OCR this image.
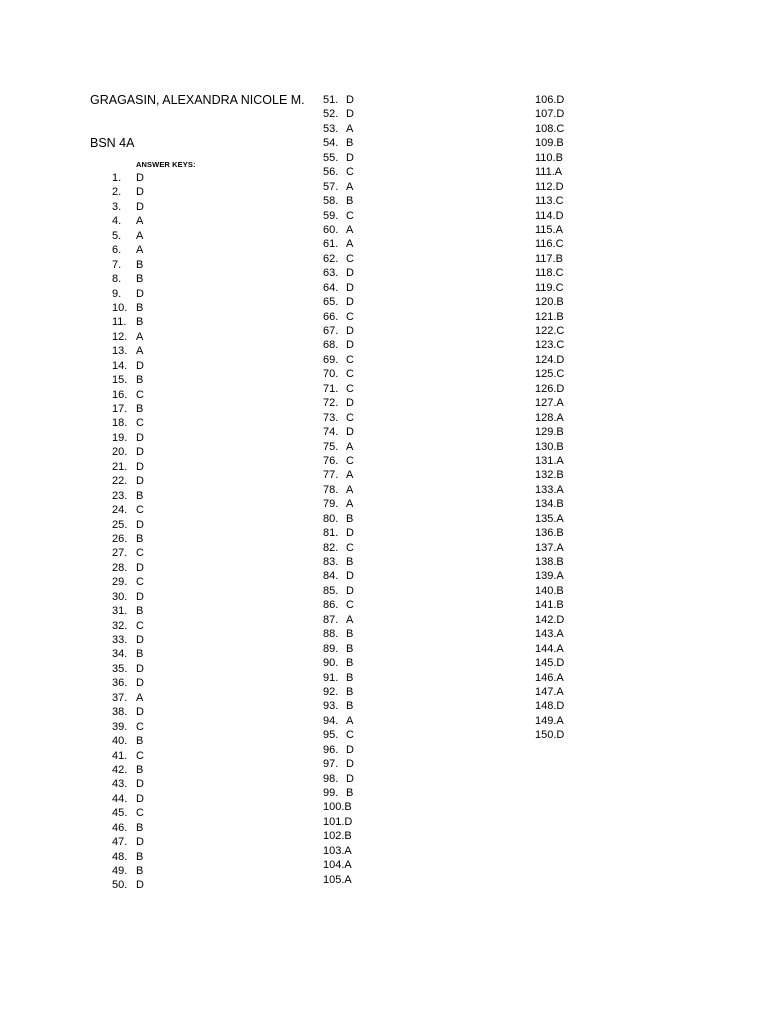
GRAGASIN, ALEXANDRA NICOLE M.
BSN 4A
ANSWER KEYS:
1. D
2. D
3. D
4. A
5. A
6. A
7. B
8. B
9. D
10. B
11. B
12. A
13. A
14. D
15. B
16. C
17. B
18. C
19. D
20. D
21. D
22. D
23. B
24. C
25. D
26. B
27. C
28. D
29. C
30. D
31. B
32. C
33. D
34. B
35. D
36. D
37. A
38. D
39. C
40. B
41. C
42. B
43. D
44. D
45. C
46. B
47. D
48. B
49. B
50. D
51. D
52. D
53. A
54. B
55. D
56. C
57. A
58. B
59. C
60. A
61. A
62. C
63. D
64. D
65. D
66. C
67. D
68. D
69. C
70. C
71. C
72. D
73. C
74. D
75. A
76. C
77. A
78. A
79. A
80. B
81. D
82. C
83. B
84. D
85. D
86. C
87. A
88. B
89. B
90. B
91. B
92. B
93. B
94. A
95. C
96. D
97. D
98. D
99. B
100.B
101.D
102.B
103.A
104.A
105.A
106.D
107.D
108.C
109.B
110.B
111.A
112.D
113.C
114.D
115.A
116.C
117.B
118.C
119.C
120.B
121.B
122.C
123.C
124.D
125.C
126.D
127.A
128.A
129.B
130.B
131.A
132.B
133.A
134.B
135.A
136.B
137.A
138.B
139.A
140.B
141.B
142.D
143.A
144.A
145.D
146.A
147.A
148.D
149.A
150.D
